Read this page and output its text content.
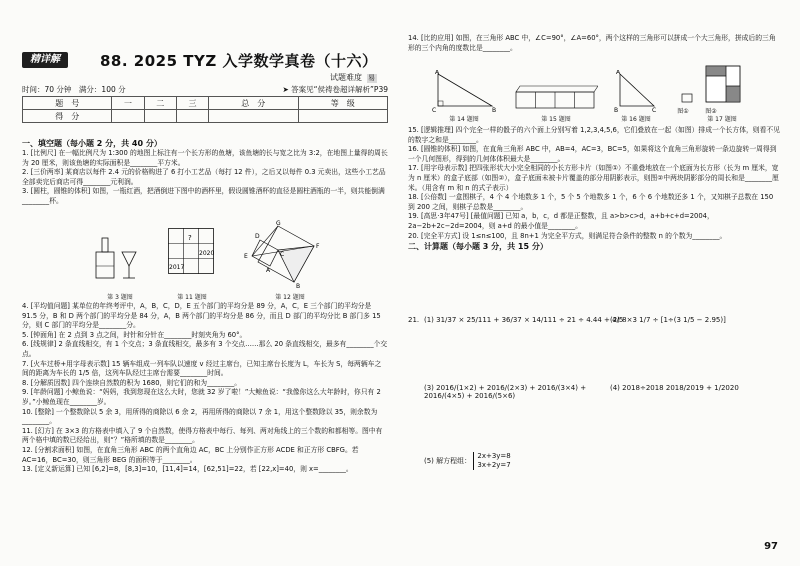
精详解	88. 2025 TYZ 入学数学真卷（十六）
试题难度 易
时间：70 分钟　满分：100 分	➤ 答案见“侯祷卷超详解析”P39
题　号	一	二	三	总　分	等　级
得　分					

一、填空题（每小题 2 分，共 40 分）

1. [比例尺] 在一幅比例尺为 1:300 的地图上标注有一个长方形的鱼塘，该鱼塘的长与宽之比为 3:2，在地图上量得的周长为 20 厘米，则该鱼塘的实际面积是________平方米。

2. [三价两率] 某商店以每件 2.4 元的价格购进了 6 打小工艺品（每打 12 件），之后又以每件 0.3 元卖出，这些小工艺品全部卖完后商店可得________元利润。

3. [圆柱，圆锥的体积] 如图，一瓶红酒，把酒倒进下图中的酒杯里，假设圆锥酒杯的直径是圆柱酒瓶的一半，则共能倒满________杯。

第 3 题图
?
2020
2017
第 11 题图
G
D
F
E	C
B
A
第 12 题图

4. [平均值问题] 某单位的年终考评中，A，B，C，D，E 五个部门的平均分是 89 分，A，C，E 三个部门的平均分是 91.5 分，B 和 D 两个部门的平均分是 84 分，A，B 两个部门的平均分是 86 分，而且 D 部门的平均分比 B 部门多 15 分，则 C 部门的平均分是________分。

5. [钟面角] 在 2 点到 3 点之间，时针和分针在________时刻夹角为 60°。

6. [线规律] 2 条直线相交，有 1 个交点；3 条直线相交，最多有 3 个交点……那么 20 条直线相交，最多有________个交点。

7. [火车过桥+用字母表示数] 15 辆车组成一列车队以速度 v 经过主席台，已知主席台长度为 L，车长为 S，每两辆车之间的距离为车长的 1/5 倍，这列车队经过主席台需要________时间。

8. [分解质因数] 四个连续自然数的积为 1680，则它们的和为________。

9. [年龄问题] 小鲸鱼说：“妈妈，我到您现在这么大时，您就 32 岁了啦！”大鲸鱼说：“我像你这么大年龄时，你只有 2 岁。”小鲸鱼现在________岁。

10. [整除] 一个整数除以 5 余 3，用所得的商除以 6 余 2，再用所得的商除以 7 余 1，用这个整数除以 35，则余数为________。

11. [幻方] 在 3×3 的方格表中填入了 9 个自然数，使得方格表中每行、每列、两对角线上的三个数的和都相等。图中有两个格中填的数已经给出，则“？”格所填的数是________。

12. [分割求面积] 如图，在直角三角形 ABC 的两个直角边 AC，BC 上分别作正方形 ACDE 和正方形 CBFG。若 AC=16，BC=30，则三角形 BEG 的面积等于________。

13. [定义新运算] 已知 [6,2]=8，[8,3]=10，[11,4]=14，[62,51]=22，若 [22,x]=40，则 x=________。

14. [比的应用] 如图，在三角形 ABC 中，∠C=90°，∠A=60°，两个这样的三角形可以拼成一个大三角形，拼成后的三角形的三个内角的度数比是________。

A
C	B
第 14 题图	第 15 题图
A
B	C
第 16 题图
图①	图②
第 17 题图

15. [逻辑推理] 四个完全一样的骰子的六个面上分别写着 1,2,3,4,5,6，它们叠放在一起（如图）排成一个长方体，则看不见的数字之和是________。

16. [圆锥的体积] 如图，在直角三角形 ABC 中，AB=4，AC=3，BC=5，如果将这个直角三角形旋转一条边旋转一周得到一个几何图形，得到的几何体体积最大是________。

17. [用字母表示数] 把四张形状大小完全相同的小长方形卡片（如图①）不重叠地放在一个底面为长方形（长为 m 厘米，宽为 n 厘米）的盒子底部（如图②），盒子底面未被卡片覆盖的部分用阴影表示，则图②中两块阴影部分的周长和是________厘米。（用含有 m 和 n 的式子表示）

18. [公倍数] 一盒围棋子，4 个 4 个地数多 1 个，5 个 5 个地数多 1 个，6 个 6 个地数还多 1 个，又知棋子总数在 150 到 200 之间，则棋子总数是________。

19. [高思·3年47号] [最值问题] 已知 a，b，c，d 都是正整数，且 a>b>c>d，a+b+c+d=2004，2a−2b+2c−2d=2004，则 a+d 的最小值是________。

20. [完全平方式] 设 1≤n≤100，且 8n+1 为完全平方式，则满足符合条件的整数 n 的个数为________。

二、计算题（每小题 3 分，共 15 分）

21. (1) 31/37 × 25/111 + 36/37 × 14/111 ÷ 21 ÷ 4.44 + 4/5
(2) 8×3 1/7 ÷ [1÷(3 1/5 − 2.95)]
(3) 2016/(1×2) + 2016/(2×3) + 2016/(3×4) + 2016/(4×5) + 2016/(5×6)
(4) 2018÷2018 2018/2019 + 1/2020
(5) 解方程组：
2x+3y=8
3x+2y=7
97
